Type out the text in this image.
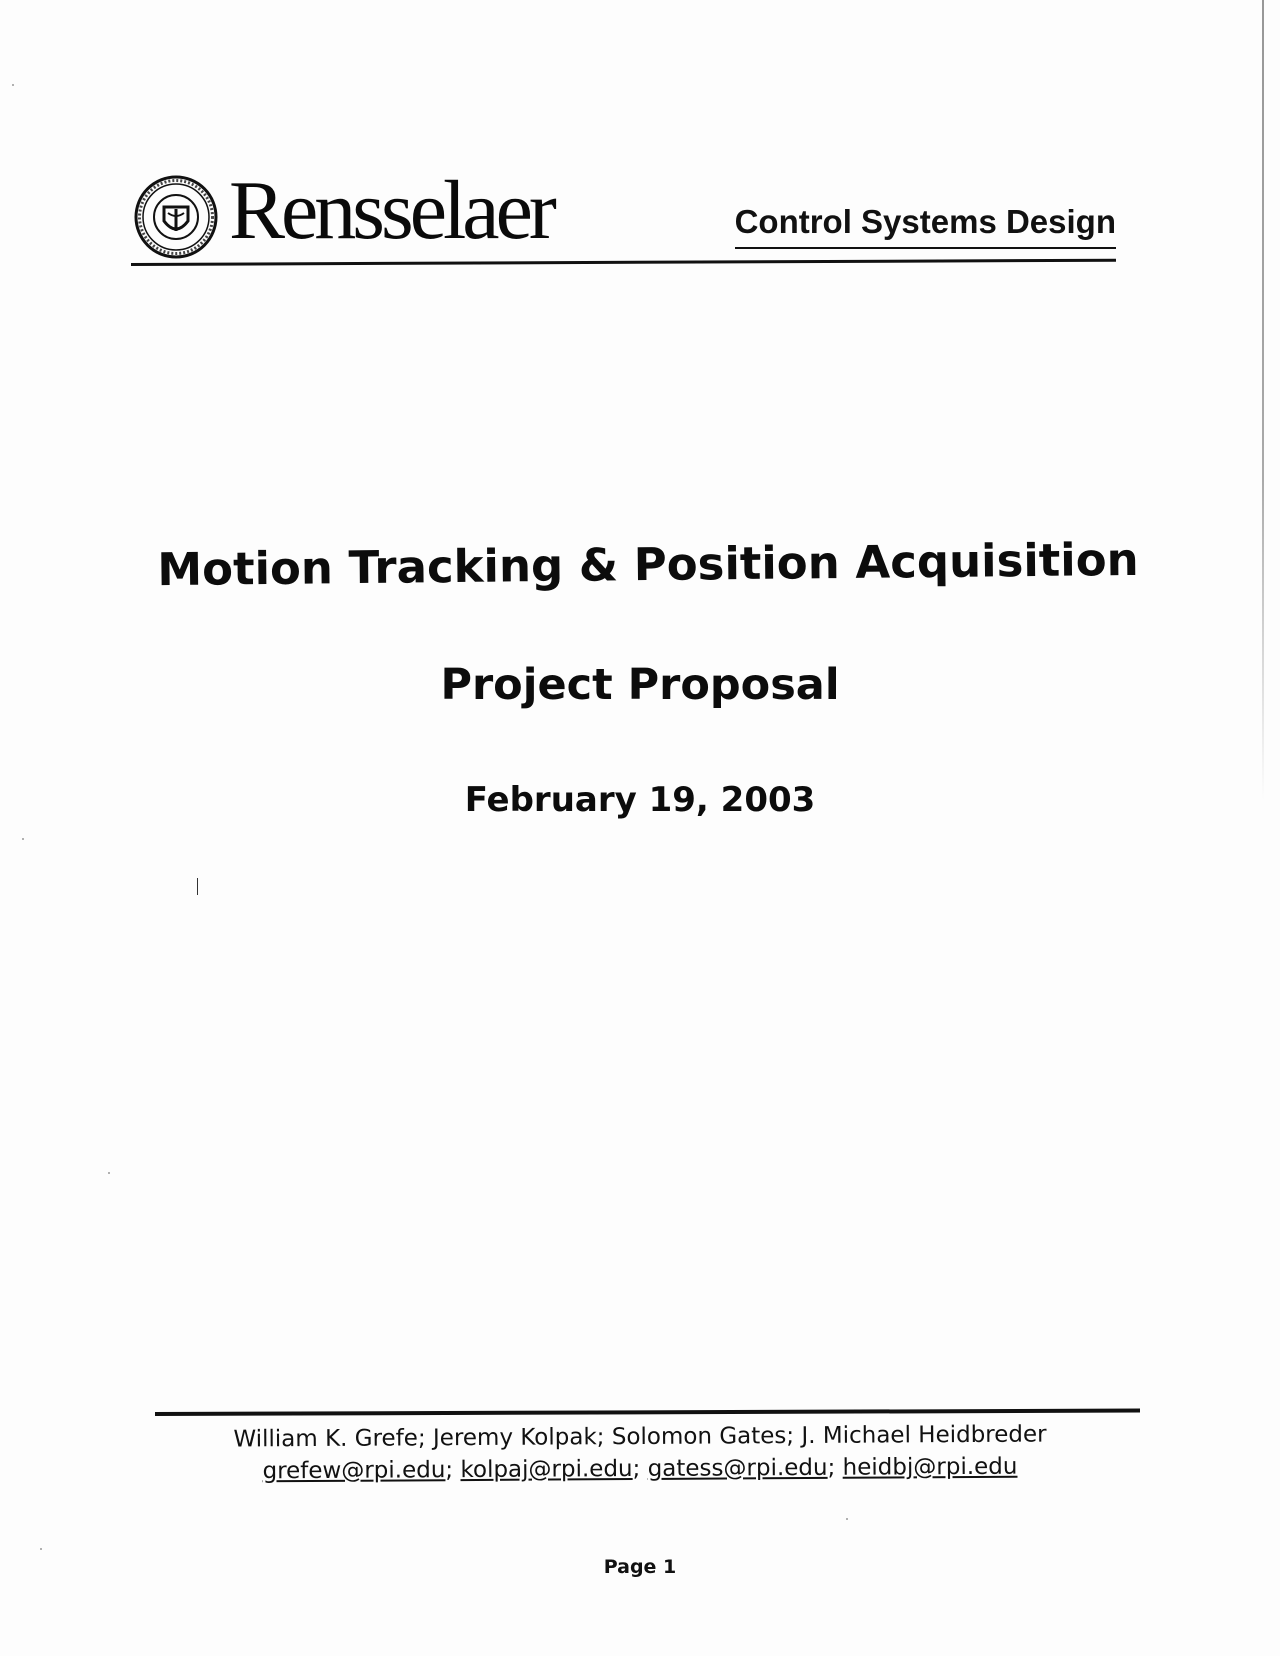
Rensselaer	Control Systems Design
Motion Tracking & Position Acquisition
Project Proposal
February 19, 2003
William K. Grefe; Jeremy Kolpak; Solomon Gates; J. Michael Heidbreder
grefew@rpi.edu; kolpaj@rpi.edu; gatess@rpi.edu; heidbj@rpi.edu
Page 1
